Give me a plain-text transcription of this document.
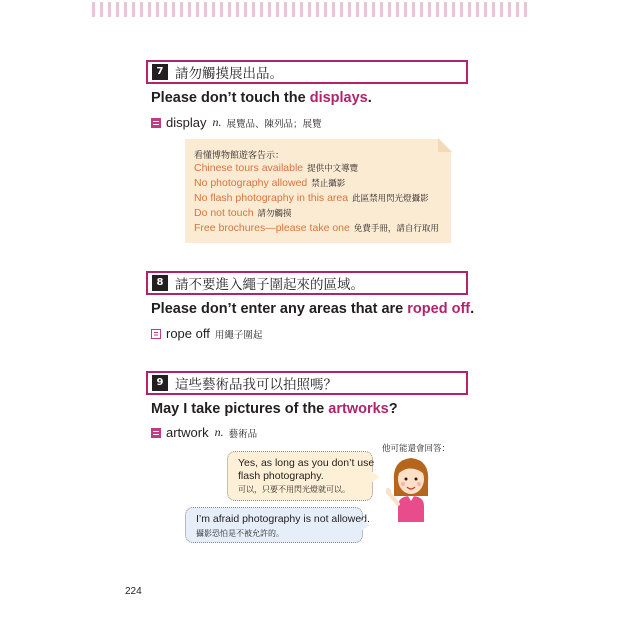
7 請勿觸摸展出品。
Please don’t touch the displays.
display n. 展覽品、陳列品；展覽
看懂博物館遊客告示：
Chinese tours available 提供中文導覽
No photography allowed 禁止攝影
No flash photography in this area 此區禁用閃光燈攝影
Do not touch 請勿觸摸
Free brochures—please take one 免費手冊，請自行取用
8 請不要進入繩子圍起來的區域。
Please don’t enter any areas that are roped off.
rope off 用繩子圍起
9 這些藝術品我可以拍照嗎？
May I take pictures of the artworks?
artwork n. 藝術品
他可能還會回答：
Yes, as long as you don’t use
flash photography.
可以，只要不用閃光燈就可以。
I’m afraid photography is not allowed.
攝影恐怕是不被允許的。
224
